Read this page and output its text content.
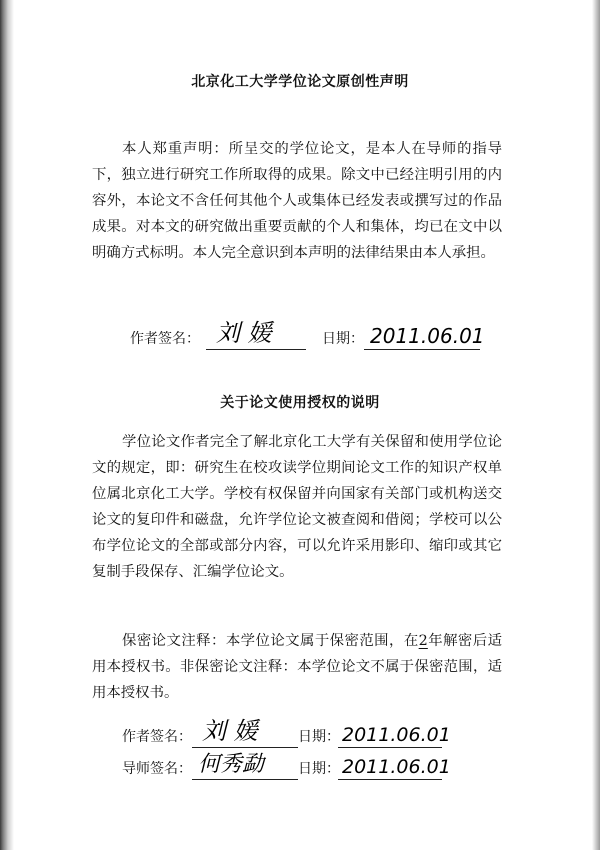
北京化工大学学位论文原创性声明
本人郑重声明：所呈交的学位论文，是本人在导师的指导下，独立进行研究工作所取得的成果。除文中已经注明引用的内容外，本论文不含任何其他个人或集体已经发表或撰写过的作品成果。对本文的研究做出重要贡献的个人和集体，均已在文中以明确方式标明。本人完全意识到本声明的法律结果由本人承担。
作者签名： 刘 媛	日期： 2011.06.01
关于论文使用授权的说明
学位论文作者完全了解北京化工大学有关保留和使用学位论文的规定，即：研究生在校攻读学位期间论文工作的知识产权单位属北京化工大学。学校有权保留并向国家有关部门或机构送交论文的复印件和磁盘，允许学位论文被查阅和借阅；学校可以公布学位论文的全部或部分内容，可以允许采用影印、缩印或其它复制手段保存、汇编学位论文。
保密论文注释：本学位论文属于保密范围，在2年解密后适用本授权书。非保密论文注释：本学位论文不属于保密范围，适用本授权书。
作者签名： 刘 媛	日期： 2011.06.01
导师签名： 何秀勐 日期： 2011.06.01
